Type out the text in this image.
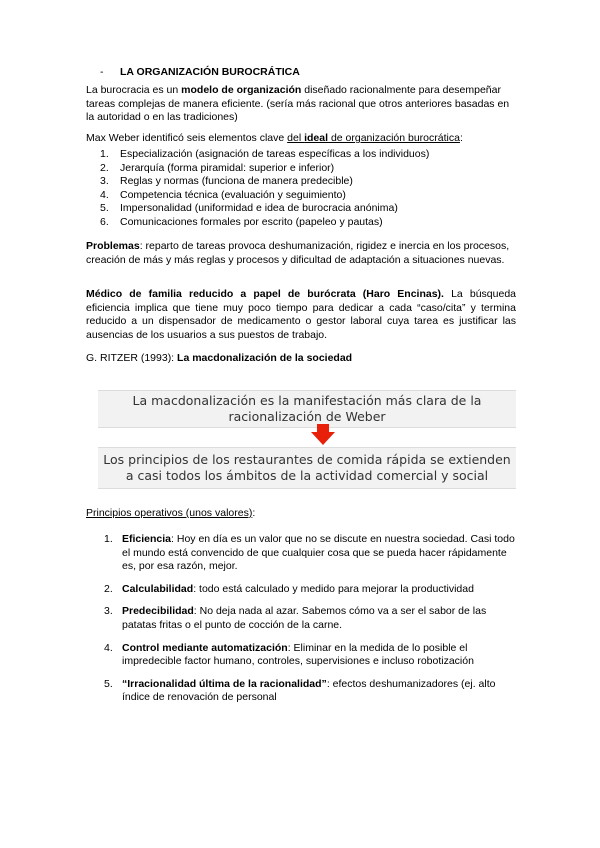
- LA ORGANIZACIÓN BUROCRÁTICA

La burocracia es un modelo de organización diseñado racionalmente para desempeñar tareas complejas de manera eficiente. (sería más racional que otros anteriores basadas en la autoridad o en las tradiciones)

Max Weber identificó seis elementos clave del ideal de organización burocrática:

1. Especialización (asignación de tareas específicas a los individuos)
2. Jerarquía (forma piramidal: superior e inferior)
3. Reglas y normas (funciona de manera predecible)
4. Competencia técnica (evaluación y seguimiento)
5. Impersonalidad (uniformidad e idea de burocracia anónima)
6. Comunicaciones formales por escrito (papeleo y pautas)

Problemas: reparto de tareas provoca deshumanización, rigidez e inercia en los procesos, creación de más y más reglas y procesos y dificultad de adaptación a situaciones nuevas.

Médico de familia reducido a papel de burócrata (Haro Encinas). La búsqueda eficiencia implica que tiene muy poco tiempo para dedicar a cada “caso/cita” y termina reducido a un dispensador de medicamento o gestor laboral cuya tarea es justificar las ausencias de los usuarios a sus puestos de trabajo.

G. RITZER (1993): La macdonalización de la sociedad

La macdonalización es la manifestación más clara de la racionalización de Weber
Los principios de los restaurantes de comida rápida se extienden a casi todos los ámbitos de la actividad comercial y social

Principios operativos (unos valores):

1. Eficiencia: Hoy en día es un valor que no se discute en nuestra sociedad. Casi todo el mundo está convencido de que cualquier cosa que se pueda hacer rápidamente es, por esa razón, mejor.
2. Calculabilidad: todo está calculado y medido para mejorar la productividad
3. Predecibilidad: No deja nada al azar. Sabemos cómo va a ser el sabor de las patatas fritas o el punto de cocción de la carne.
4. Control mediante automatización: Eliminar en la medida de lo posible el impredecible factor humano, controles, supervisiones e incluso robotización
5. “Irracionalidad última de la racionalidad”: efectos deshumanizadores (ej. alto índice de renovación de personal
